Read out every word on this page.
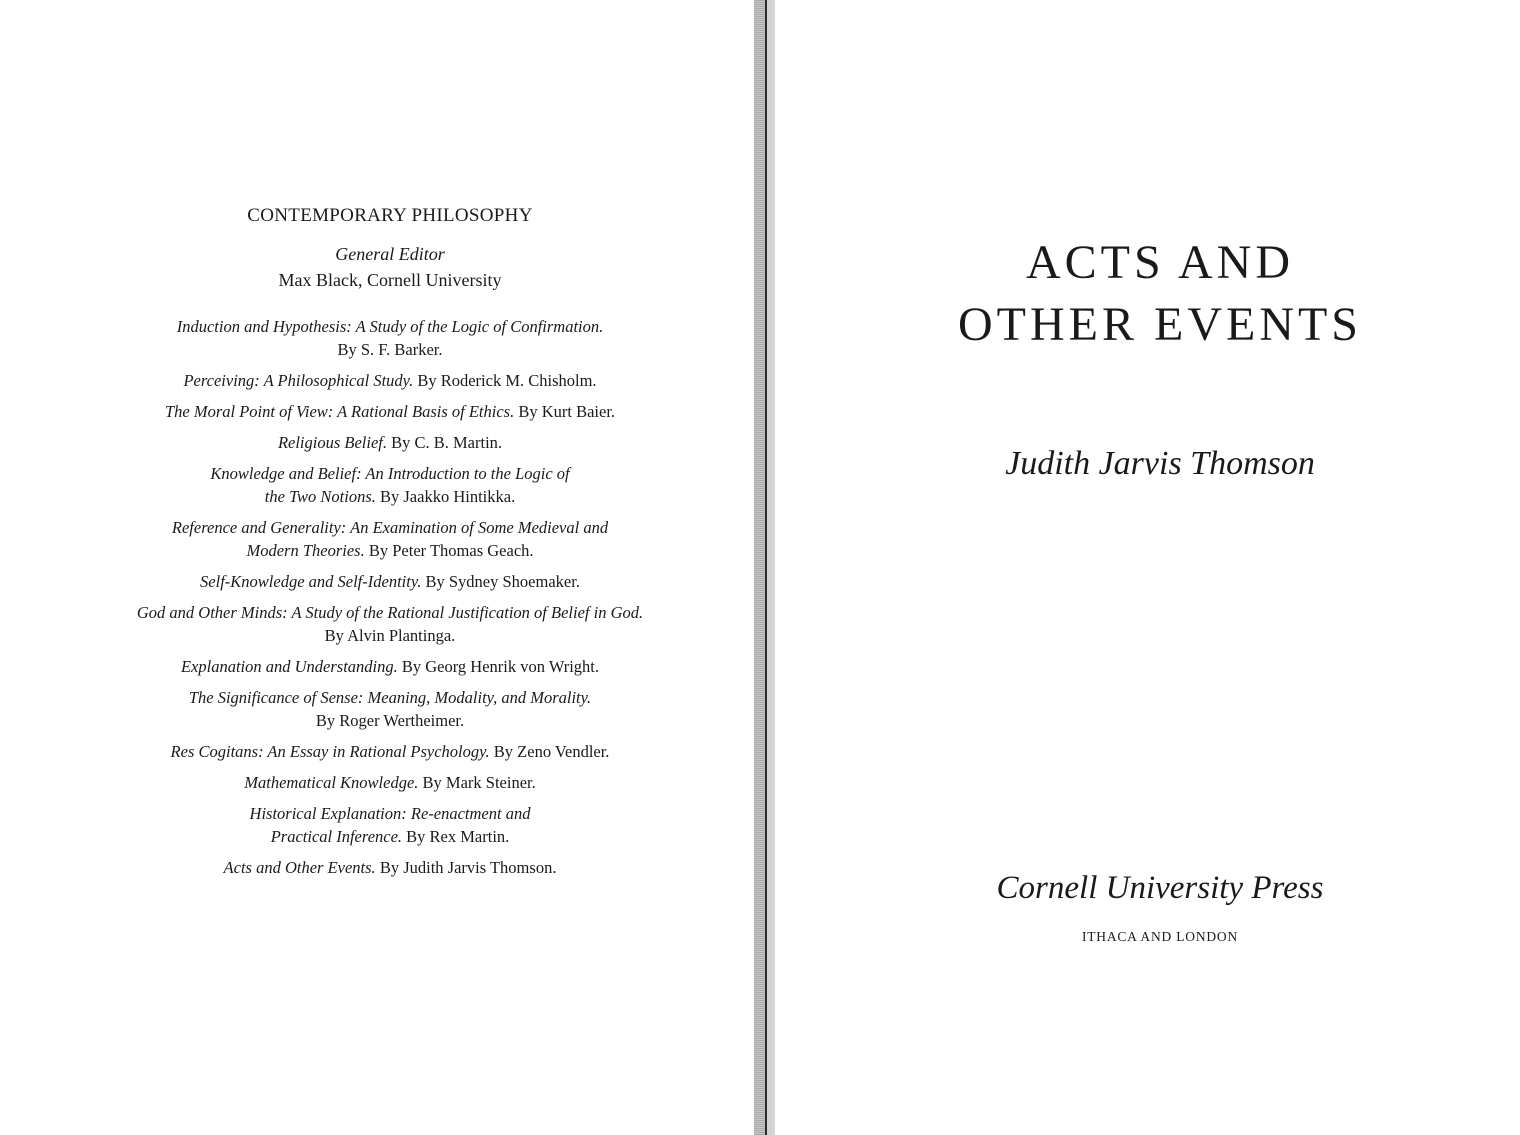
CONTEMPORARY PHILOSOPHY

General Editor

Max Black, Cornell University

Induction and Hypothesis: A Study of the Logic of Confirmation.
By S. F. Barker.
Perceiving: A Philosophical Study. By Roderick M. Chisholm.
The Moral Point of View: A Rational Basis of Ethics. By Kurt Baier.
Religious Belief. By C. B. Martin.
Knowledge and Belief: An Introduction to the Logic of the Two Notions. By Jaakko Hintikka.
Reference and Generality: An Examination of Some Medieval and Modern Theories. By Peter Thomas Geach.
Self-Knowledge and Self-Identity. By Sydney Shoemaker.
God and Other Minds: A Study of the Rational Justification of Belief in God.
By Alvin Plantinga.
Explanation and Understanding. By Georg Henrik von Wright.
The Significance of Sense: Meaning, Modality, and Morality.
By Roger Wertheimer.
Res Cogitans: An Essay in Rational Psychology. By Zeno Vendler.
Mathematical Knowledge. By Mark Steiner.
Historical Explanation: Re-enactment and Practical Inference. By Rex Martin.
Acts and Other Events. By Judith Jarvis Thomson.
ACTS AND
OTHER EVENTS

Judith Jarvis Thomson

Cornell University Press

ITHACA AND LONDON
